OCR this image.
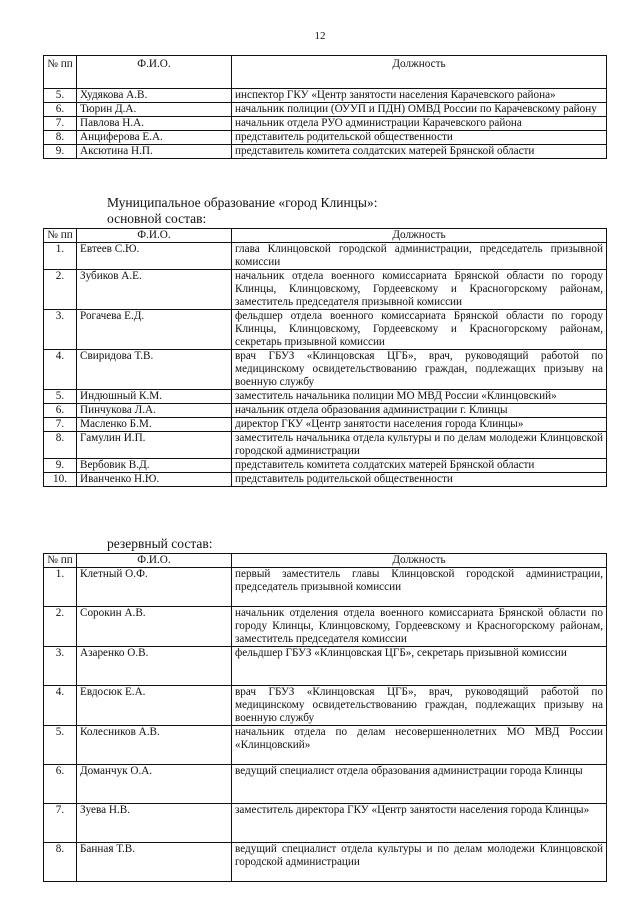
12
№ пп	Ф.И.О.	Должность
5.	Худякова А.В.	инспектор ГКУ «Центр занятости населения Карачевского района»
6.	Тюрин Д.А.	начальник полиции (ОУУП и ПДН) ОМВД России по Карачевскому району
7.	Павлова Н.А.	начальник отдела РУО администрации Карачевского района
8.	Анциферова Е.А.	представитель родительской общественности
9.	Аксютина Н.П.	представитель комитета солдатских матерей Брянской области
Муниципальное образование «город Клинцы»:
основной состав:
№ пп	Ф.И.О.	Должность
1.	Евтеев С.Ю.	глава Клинцовской городской администрации, председатель призывной комиссии
2.	Зубиков А.Е.	начальник отдела военного комиссариата Брянской области по городу Клинцы, Клинцовскому, Гордеевскому и Красногорскому районам, заместитель председателя призывной комиссии
3.	Рогачева Е.Д.	фельдшер отдела военного комиссариата Брянской области по городу Клинцы, Клинцовскому, Гордеевскому и Красногорскому районам, секретарь призывной комиссии
4.	Свиридова Т.В.	врач ГБУЗ «Клинцовская ЦГБ», врач, руководящий работой по медицинскому освидетельствованию граждан, подлежащих призыву на военную службу
5.	Индюшный К.М.	заместитель начальника полиции МО МВД России «Клинцовский»
6.	Пинчукова Л.А.	начальник отдела образования администрации г. Клинцы
7.	Масленко Б.М.	директор ГКУ «Центр занятости населения города Клинцы»
8.	Гамулин И.П.	заместитель начальника отдела культуры и по делам молодежи Клинцовской городской администрации
9.	Вербовик В.Д.	представитель комитета солдатских матерей Брянской области
10.	Иванченко Н.Ю.	представитель родительской общественности
резервный состав:
№ пп	Ф.И.О.	Должность
1.	Клетный О.Ф.	первый заместитель главы Клинцовской городской администрации, председатель призывной комиссии
2.	Сорокин А.В.	начальник отделения отдела военного комиссариата Брянской области по городу Клинцы, Клинцовскому, Гордеевскому и Красногорскому районам, заместитель председателя комиссии
3.	Азаренко О.В.	фельдшер ГБУЗ «Клинцовская ЦГБ», секретарь призывной комиссии
4.	Евдосюк Е.А.	врач ГБУЗ «Клинцовская ЦГБ», врач, руководящий работой по медицинскому освидетельствованию граждан, подлежащих призыву на военную службу
5.	Колесников А.В.	начальник отдела по делам несовершеннолетних МО МВД России «Клинцовский»
6.	Доманчук О.А.	ведущий специалист отдела образования администрации города Клинцы
7.	Зуева Н.В.	заместитель директора ГКУ «Центр занятости населения города Клинцы»
8.	Банная Т.В.	ведущий специалист отдела культуры и по делам молодежи Клинцовской городской администрации
